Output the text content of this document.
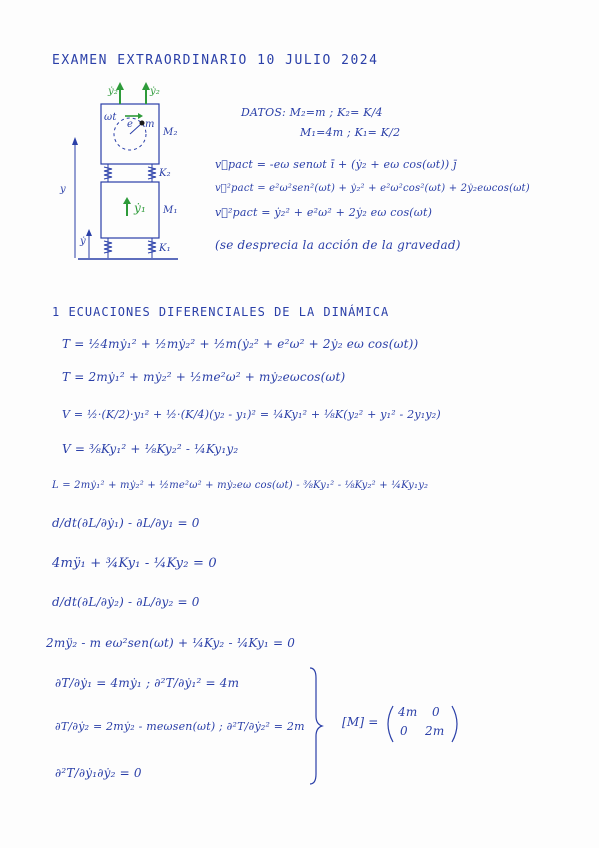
EXAMEN EXTRAORDINARIO 10 JULIO 2024
ẏ₂	ẏ₂
ωt
e m
M₂
K₂
ẏ₁ M₁
K₁
y
ẏ
DATOS: M₂=m ; K₂= K/4
M₁=4m ; K₁= K/2
v⃗pact = -eω senωt ī + (ẏ₂ + eω cos(ωt)) j̄
v⃗²pact = e²ω²sen²(ωt) + ẏ₂² + e²ω²cos²(ωt) + 2ẏ₂eωcos(ωt)
v⃗²pact = ẏ₂² + e²ω² + 2ẏ₂ eω cos(ωt)
(se desprecia la acción de la gravedad)
1 ECUACIONES DIFERENCIALES DE LA DINÁMICA
T = ½4mẏ₁² + ½mẏ₂² + ½m(ẏ₂² + e²ω² + 2ẏ₂ eω cos(ωt))
T = 2mẏ₁² + mẏ₂² + ½me²ω² + mẏ₂eωcos(ωt)
V = ½·(K/2)·y₁² + ½·(K/4)(y₂ - y₁)² = ¼Ky₁² + ⅛K(y₂² + y₁² - 2y₁y₂)
V = ⅜Ky₁² + ⅛Ky₂² - ¼Ky₁y₂
L = 2mẏ₁² + mẏ₂² + ½me²ω² + mẏ₂eω cos(ωt) - ⅜Ky₁² - ⅛Ky₂² + ¼Ky₁y₂
d/dt(∂L/∂ẏ₁) - ∂L/∂y₁ = 0
4mÿ₁ + ¾Ky₁ - ¼Ky₂ = 0
d/dt(∂L/∂ẏ₂) - ∂L/∂y₂ = 0
2mÿ₂ - m eω²sen(ωt) + ¼Ky₂ - ¼Ky₁ = 0
∂T/∂ẏ₁ = 4mẏ₁ ; ∂²T/∂ẏ₁² = 4m
∂T/∂ẏ₂ = 2mẏ₂ - meωsen(ωt) ; ∂²T/∂ẏ₂² = 2m
∂²T/∂ẏ₁∂ẏ₂ = 0
[M] =
4m 0
0 2m
